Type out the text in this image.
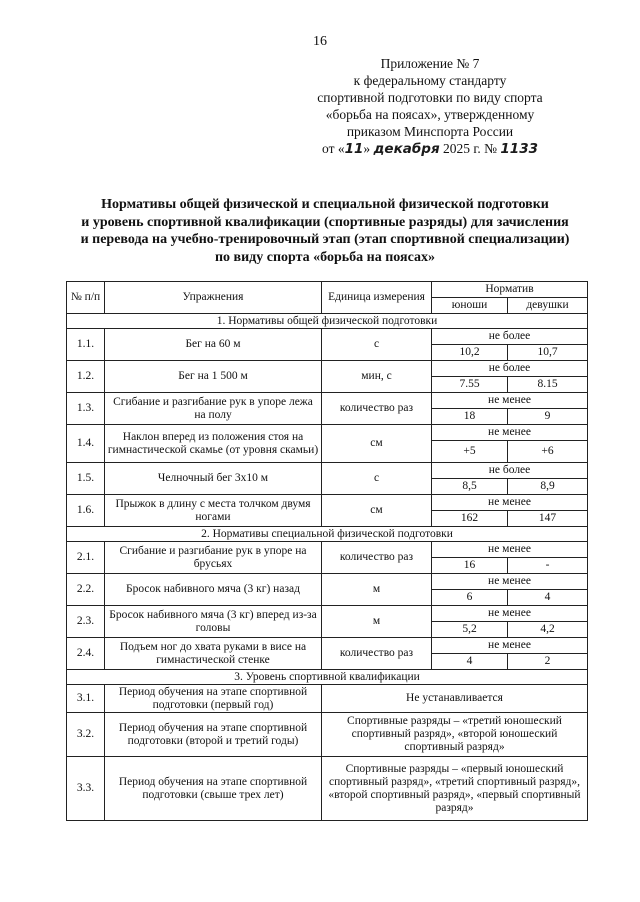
16
Приложение № 7
к федеральному стандарту
спортивной подготовки по виду спорта
«борьба на поясах», утвержденному
приказом Минспорта России
от «11» декабря 2025 г. № 1133
Нормативы общей физической и специальной физической подготовки
и уровень спортивной квалификации (спортивные разряды) для зачисления
и перевода на учебно-тренировочный этап (этап спортивной специализации)
по виду спорта «борьба на поясах»
№ п/п	Упражнения	Единица измерения	Норматив	
			юноши	девушки
1. Нормативы общей физической подготовки				
1.1.	Бег на 60 м	с	не более	
			10,2	10,7
1.2.	Бег на 1 500 м	мин, с	не более	
			7.55	8.15
1.3.	Сгибание и разгибание рук в упоре лежа на полу	количество раз	не менее	
			18	9
1.4.	Наклон вперед из положения стоя на гимнастической скамье (от уровня скамьи)	см	не менее	
			+5	+6
1.5.	Челночный бег 3х10 м	с	не более	
			8,5	8,9
1.6.	Прыжок в длину с места толчком двумя ногами	см	не менее	
			162	147
2. Нормативы специальной физической подготовки				
2.1.	Сгибание и разгибание рук в упоре на брусьях	количество раз	не менее	
			16	-
2.2.	Бросок набивного мяча (3 кг) назад	м	не менее	
			6	4
2.3.	Бросок набивного мяча (3 кг) вперед из-за головы	м	не менее	
			5,2	4,2
2.4.	Подъем ног до хвата руками в висе на гимнастической стенке	количество раз	не менее	
			4	2
3. Уровень спортивной квалификации				
3.1.	Период обучения на этапе спортивной подготовки (первый год)	Не устанавливается		
3.2.	Период обучения на этапе спортивной подготовки (второй и третий годы)	Спортивные разряды – «третий юношеский спортивный разряд», «второй юношеский спортивный разряд»		
3.3.	Период обучения на этапе спортивной подготовки (свыше трех лет)	Спортивные разряды – «первый юношеский спортивный разряд», «третий спортивный разряд», «второй спортивный разряд», «первый спортивный разряд»		
